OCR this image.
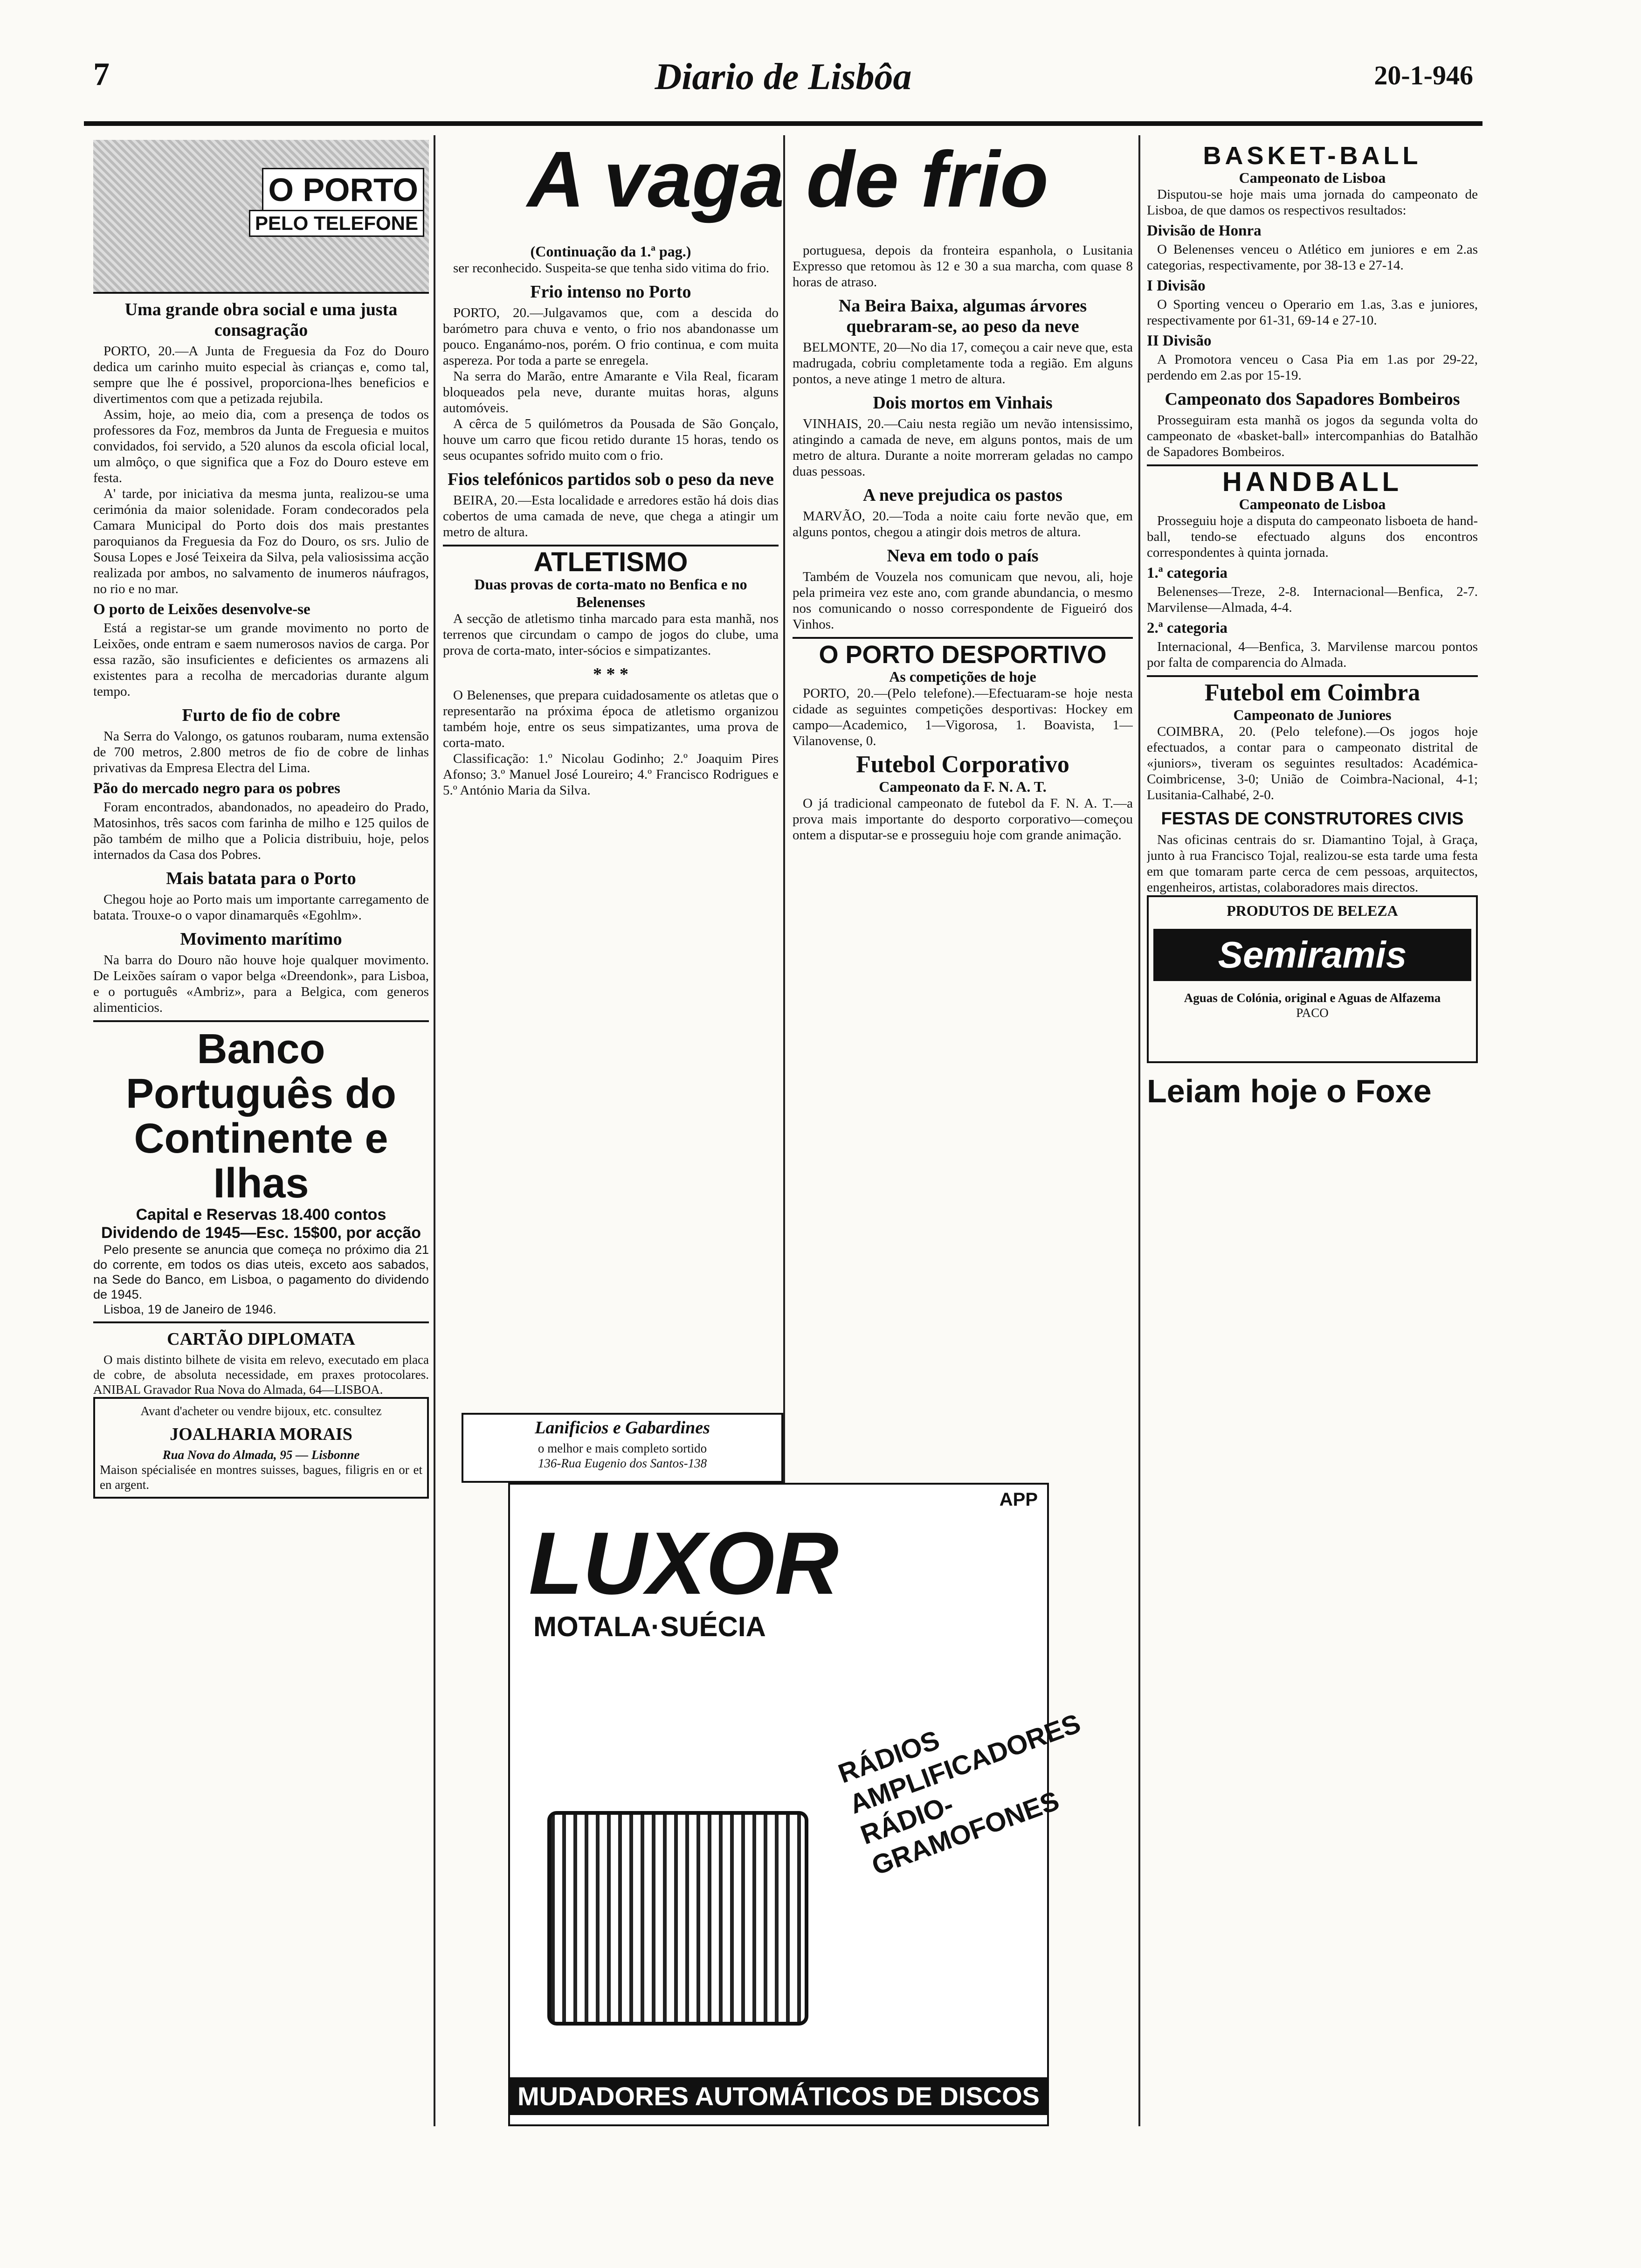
7	Diario de Lisbôa	20-1-946
O PORTO
PELO TELEFONE
Uma grande obra social e uma justa consagração

PORTO, 20.—A Junta de Freguesia da Foz do Douro dedica um carinho muito especial às crianças e, como tal, sempre que lhe é possivel, proporciona-lhes beneficios e divertimentos com que a petizada rejubila.

Assim, hoje, ao meio dia, com a presença de todos os professores da Foz, membros da Junta de Freguesia e muitos convidados, foi servido, a 520 alunos da escola oficial local, um almôço, o que significa que a Foz do Douro esteve em festa.

A' tarde, por iniciativa da mesma junta, realizou-se uma cerimónia da maior solenidade. Foram condecorados pela Camara Municipal do Porto dois dos mais prestantes paroquianos da Freguesia da Foz do Douro, os srs. Julio de Sousa Lopes e José Teixeira da Silva, pela valiosissima acção realizada por ambos, no salvamento de inumeros náufragos, no rio e no mar.

O porto de Leixões desenvolve-se

Está a registar-se um grande movimento no porto de Leixões, onde entram e saem numerosos navios de carga. Por essa razão, são insuficientes e deficientes os armazens ali existentes para a recolha de mercadorias durante algum tempo.

Furto de fio de cobre

Na Serra do Valongo, os gatunos roubaram, numa extensão de 700 metros, 2.800 metros de fio de cobre de linhas privativas da Empresa Electra del Lima.

Pão do mercado negro para os pobres

Foram encontrados, abandonados, no apeadeiro do Prado, Matosinhos, três sacos com farinha de milho e 125 quilos de pão também de milho que a Policia distribuiu, hoje, pelos internados da Casa dos Pobres.

Mais batata para o Porto

Chegou hoje ao Porto mais um importante carregamento de batata. Trouxe-o o vapor dinamarquês «Egohlm».

Movimento marítimo

Na barra do Douro não houve hoje qualquer movimento. De Leixões saíram o vapor belga «Dreendonk», para Lisboa, e o português «Ambriz», para a Belgica, com generos alimenticios.

Banco Português do Continente e Ilhas
Capital e Reservas 18.400 contos
Dividendo de 1945—Esc. 15$00, por acção

Pelo presente se anuncia que começa no próximo dia 21 do corrente, em todos os dias uteis, exceto aos sabados, na Sede do Banco, em Lisboa, o pagamento do dividendo de 1945.

Lisboa, 19 de Janeiro de 1946.

CARTÃO DIPLOMATA

O mais distinto bilhete de visita em relevo, executado em placa de cobre, de absoluta necessidade, em praxes protocolares. ANIBAL Gravador Rua Nova do Almada, 64—LISBOA.

Avant d'acheter ou vendre bijoux, etc. consultez
JOALHARIA MORAIS
Rua Nova do Almada, 95 — Lisbonne
Maison spécialisée en montres suisses, bagues, filigris en or et en argent.
A vaga de frio
(Continuação da 1.ª pag.)

ser reconhecido. Suspeita-se que tenha sido vitima do frio.

Frio intenso no Porto

PORTO, 20.—Julgavamos que, com a descida do barómetro para chuva e vento, o frio nos abandonasse um pouco. Enganámo-nos, porém. O frio continua, e com muita aspereza. Por toda a parte se enregela.

Na serra do Marão, entre Amarante e Vila Real, ficaram bloqueados pela neve, durante muitas horas, alguns automóveis.

A cêrca de 5 quilómetros da Pousada de São Gonçalo, houve um carro que ficou retido durante 15 horas, tendo os seus ocupantes sofrido muito com o frio.

Fios telefónicos partidos sob o peso da neve

BEIRA, 20.—Esta localidade e arredores estão há dois dias cobertos de uma camada de neve, que chega a atingir um metro de altura.

ATLETISMO
Duas provas de corta-mato no Benfica e no Belenenses

A secção de atletismo tinha marcado para esta manhã, nos terrenos que circundam o campo de jogos do clube, uma prova de corta-mato, inter-sócios e simpatizantes.

* * *

O Belenenses, que prepara cuidadosamente os atletas que o representarão na próxima época de atletismo organizou também hoje, entre os seus simpatizantes, uma prova de corta-mato.

Classificação: 1.º Nicolau Godinho; 2.º Joaquim Pires Afonso; 3.º Manuel José Loureiro; 4.º Francisco Rodrigues e 5.º António Maria da Silva.

portuguesa, depois da fronteira espanhola, o Lusitania Expresso que retomou às 12 e 30 a sua marcha, com quase 8 horas de atraso.

Na Beira Baixa, algumas árvores quebraram-se, ao peso da neve

BELMONTE, 20—No dia 17, começou a cair neve que, esta madrugada, cobriu completamente toda a região. Em alguns pontos, a neve atinge 1 metro de altura.

Dois mortos em Vinhais

VINHAIS, 20.—Caiu nesta região um nevão intensissimo, atingindo a camada de neve, em alguns pontos, mais de um metro de altura. Durante a noite morreram geladas no campo duas pessoas.

A neve prejudica os pastos

MARVÃO, 20.—Toda a noite caiu forte nevão que, em alguns pontos, chegou a atingir dois metros de altura.

Neva em todo o país

Também de Vouzela nos comunicam que nevou, ali, hoje pela primeira vez este ano, com grande abundancia, o mesmo nos comunicando o nosso correspondente de Figueiró dos Vinhos.

O PORTO DESPORTIVO
As competições de hoje

PORTO, 20.—(Pelo telefone).—Efectuaram-se hoje nesta cidade as seguintes competições desportivas: Hockey em campo—Academico, 1—Vigorosa, 1. Boavista, 1—Vilanovense, 0.

Futebol Corporativo
Campeonato da F. N. A. T.

O já tradicional campeonato de futebol da F. N. A. T.—a prova mais importante do desporto corporativo—começou ontem a disputar-se e prosseguiu hoje com grande animação.

BASKET-BALL
Campeonato de Lisboa

Disputou-se hoje mais uma jornada do campeonato de Lisboa, de que damos os respectivos resultados:

Divisão de Honra

O Belenenses venceu o Atlético em juniores e em 2.as categorias, respectivamente, por 38-13 e 27-14.

I Divisão

O Sporting venceu o Operario em 1.as, 3.as e juniores, respectivamente por 61-31, 69-14 e 27-10.

II Divisão

A Promotora venceu o Casa Pia em 1.as por 29-22, perdendo em 2.as por 15-19.

Campeonato dos Sapadores Bombeiros

Prosseguiram esta manhã os jogos da segunda volta do campeonato de «basket-ball» intercompanhias do Batalhão de Sapadores Bombeiros.

HANDBALL
Campeonato de Lisboa

Prosseguiu hoje a disputa do campeonato lisboeta de hand-ball, tendo-se efectuado alguns dos encontros correspondentes à quinta jornada.

1.ª categoria

Belenenses—Treze, 2-8. Internacional—Benfica, 2-7. Marvilense—Almada, 4-4.

2.ª categoria

Internacional, 4—Benfica, 3. Marvilense marcou pontos por falta de comparencia do Almada.

Futebol em Coimbra
Campeonato de Juniores

COIMBRA, 20. (Pelo telefone).—Os jogos hoje efectuados, a contar para o campeonato distrital de «juniors», tiveram os seguintes resultados: Académica-Coimbricense, 3-0; União de Coimbra-Nacional, 4-1; Lusitania-Calhabé, 2-0.

FESTAS DE CONSTRUTORES CIVIS

Nas oficinas centrais do sr. Diamantino Tojal, à Graça, junto à rua Francisco Tojal, realizou-se esta tarde uma festa em que tomaram parte cerca de cem pessoas, arquitectos, engenheiros, artistas, colaboradores mais directos.

PRODUTOS DE BELEZA
Semiramis
Aguas de Colónia, original e Aguas de Alfazema
PACO
Leiam hoje o Foxe
Lanificios e Gabardines
o melhor e mais completo sortido
136-Rua Eugenio dos Santos-138
APP
LUXOR
MOTALA·SUÉCIA
RÁDIOS AMPLIFICADORES RÁDIO-GRAMOFONES
MUDADORES AUTOMÁTICOS DE DISCOS
